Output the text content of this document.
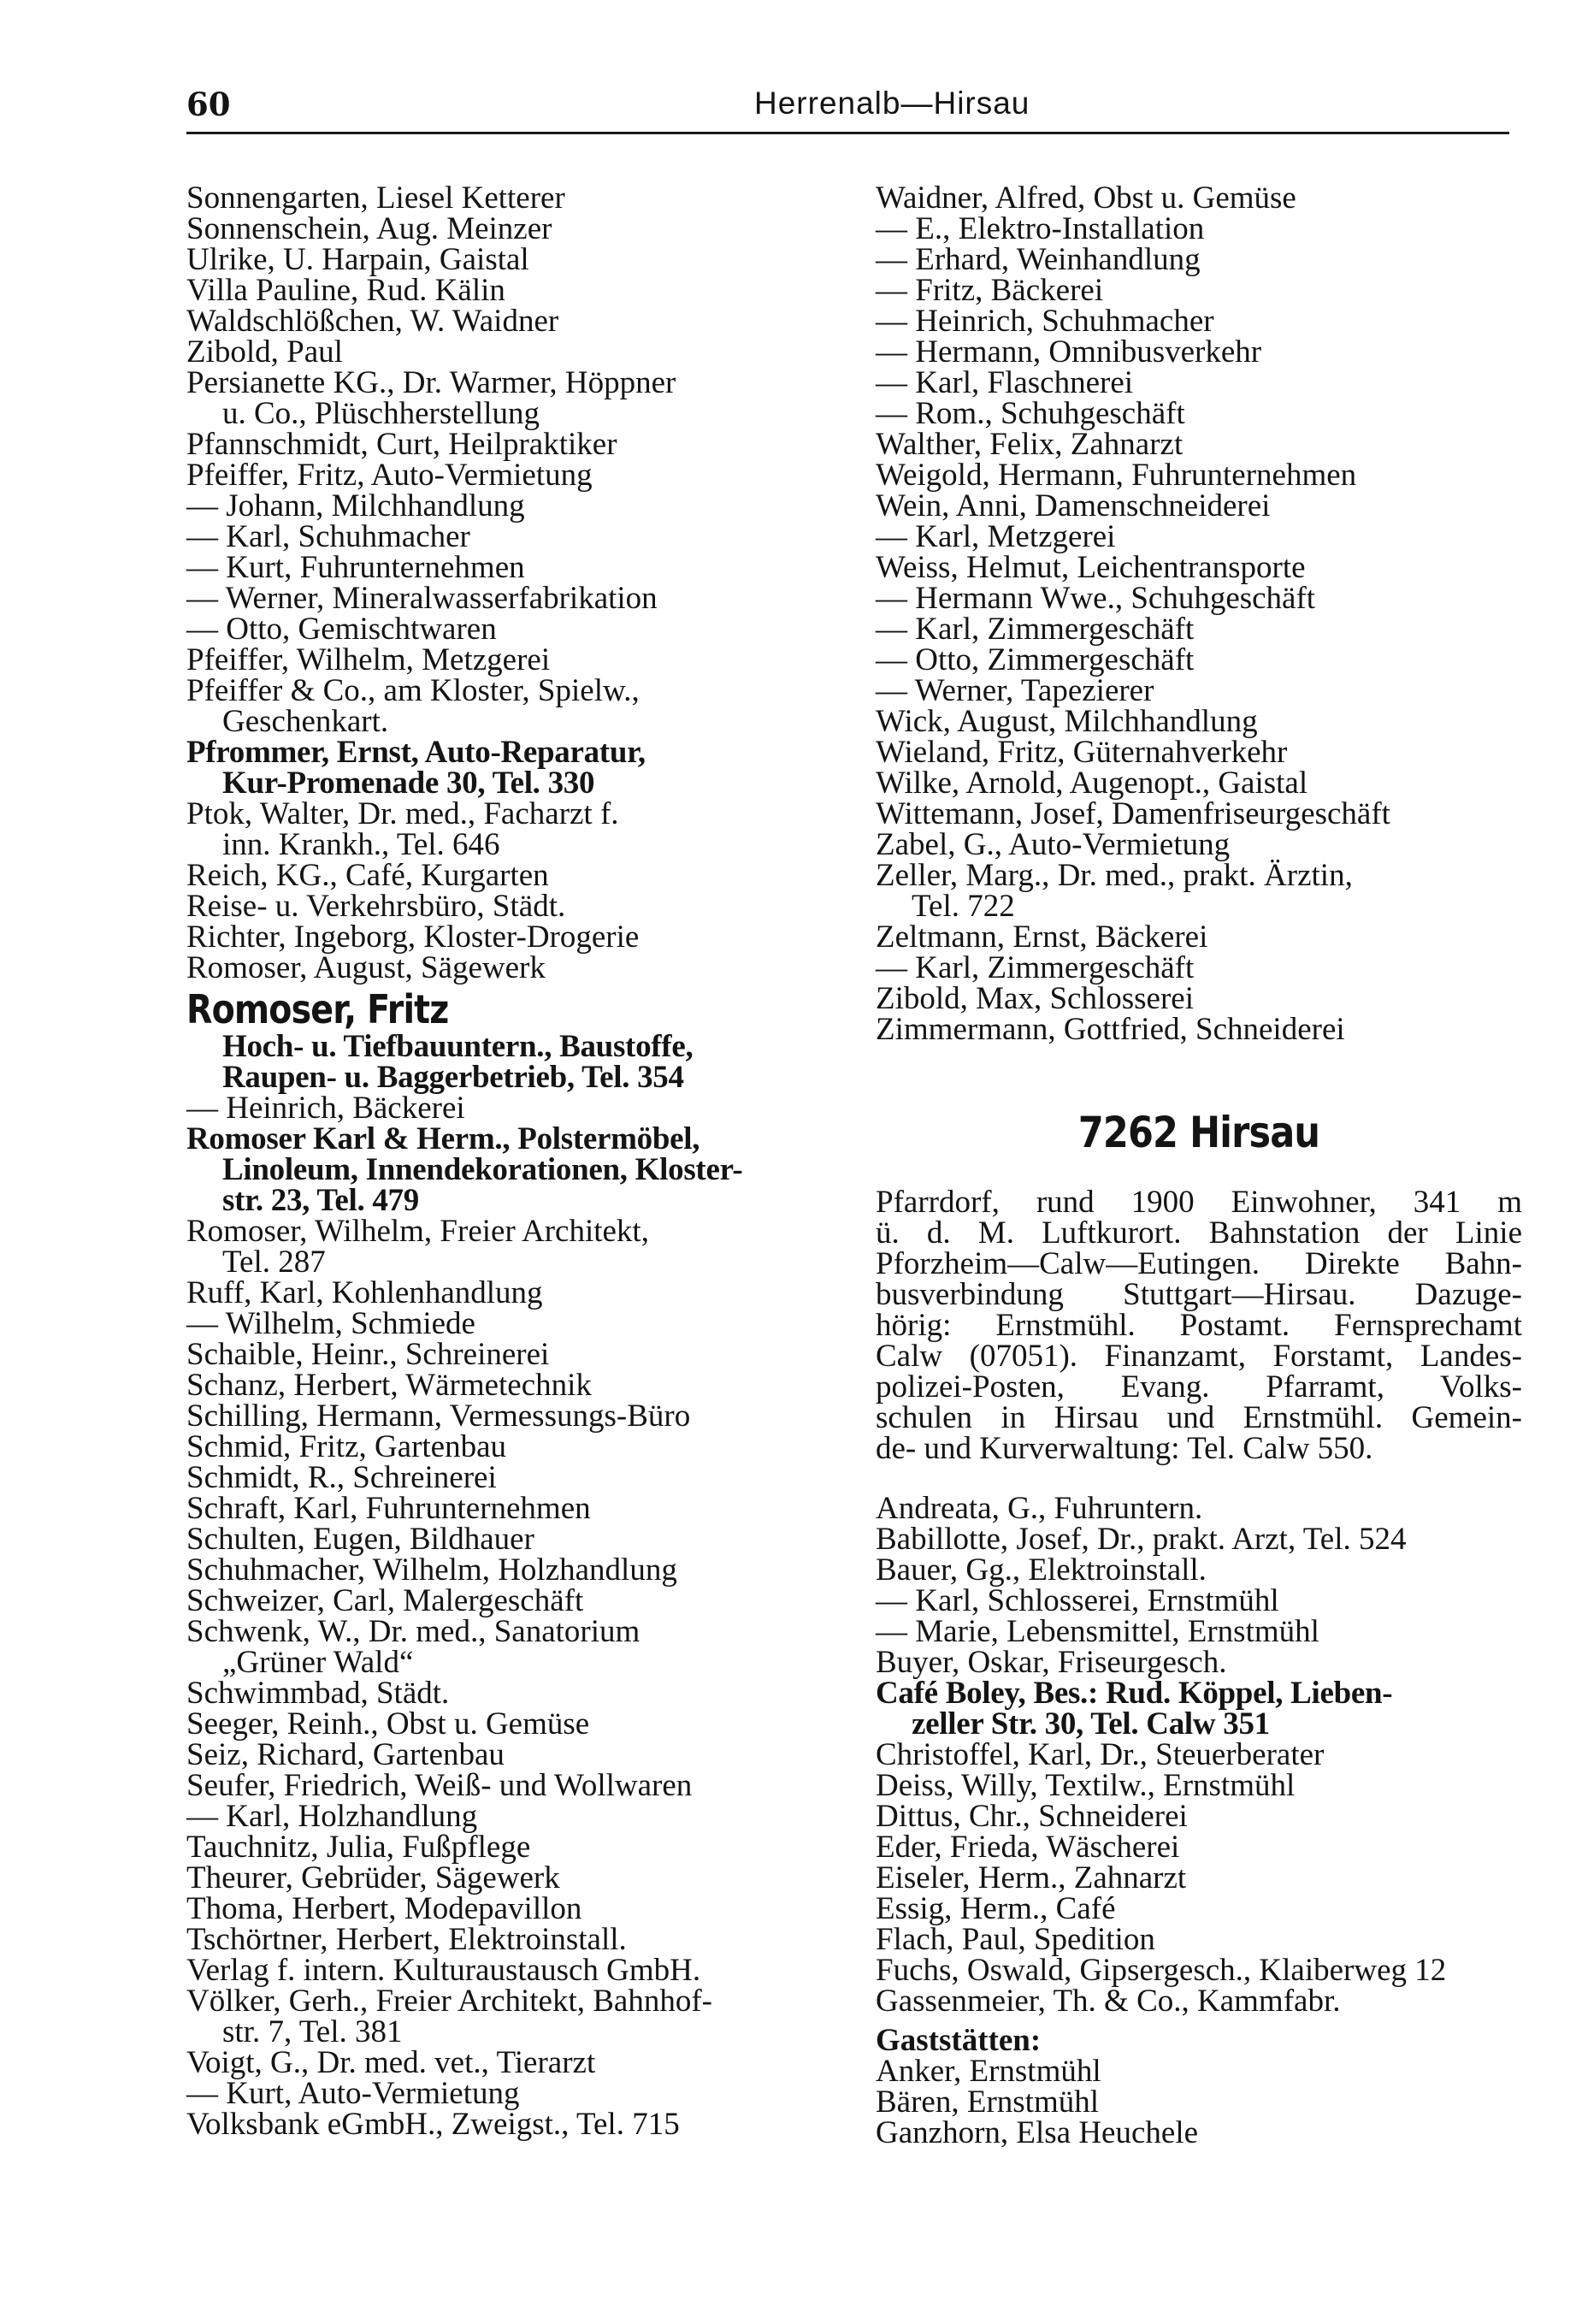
60	Herrenalb—Hirsau
Sonnengarten, Liesel Ketterer
Sonnenschein, Aug. Meinzer
Ulrike, U. Harpain, Gaistal
Villa Pauline, Rud. Kälin
Waldschlößchen, W. Waidner
Zibold, Paul
Persianette KG., Dr. Warmer, Höppner
u. Co., Plüschherstellung
Pfannschmidt, Curt, Heilpraktiker
Pfeiffer, Fritz, Auto-Vermietung
— Johann, Milchhandlung
— Karl, Schuhmacher
— Kurt, Fuhrunternehmen
— Werner, Mineralwasserfabrikation
— Otto, Gemischtwaren
Pfeiffer, Wilhelm, Metzgerei
Pfeiffer & Co., am Kloster, Spielw.,
Geschenkart.
Pfrommer, Ernst, Auto-Reparatur,
Kur-Promenade 30, Tel. 330
Ptok, Walter, Dr. med., Facharzt f.
inn. Krankh., Tel. 646
Reich, KG., Café, Kurgarten
Reise- u. Verkehrsbüro, Städt.
Richter, Ingeborg, Kloster-Drogerie
Romoser, August, Sägewerk
Romoser, Fritz
Hoch- u. Tiefbauuntern., Baustoffe,
Raupen- u. Baggerbetrieb, Tel. 354
— Heinrich, Bäckerei
Romoser Karl & Herm., Polstermöbel,
Linoleum, Innendekorationen, Kloster-
str. 23, Tel. 479
Romoser, Wilhelm, Freier Architekt,
Tel. 287
Ruff, Karl, Kohlenhandlung
— Wilhelm, Schmiede
Schaible, Heinr., Schreinerei
Schanz, Herbert, Wärmetechnik
Schilling, Hermann, Vermessungs-Büro
Schmid, Fritz, Gartenbau
Schmidt, R., Schreinerei
Schraft, Karl, Fuhrunternehmen
Schulten, Eugen, Bildhauer
Schuhmacher, Wilhelm, Holzhandlung
Schweizer, Carl, Malergeschäft
Schwenk, W., Dr. med., Sanatorium
„Grüner Wald“
Schwimmbad, Städt.
Seeger, Reinh., Obst u. Gemüse
Seiz, Richard, Gartenbau
Seufer, Friedrich, Weiß- und Wollwaren
— Karl, Holzhandlung
Tauchnitz, Julia, Fußpflege
Theurer, Gebrüder, Sägewerk
Thoma, Herbert, Modepavillon
Tschörtner, Herbert, Elektroinstall.
Verlag f. intern. Kulturaustausch GmbH.
Völker, Gerh., Freier Architekt, Bahnhof-
str. 7, Tel. 381
Voigt, G., Dr. med. vet., Tierarzt
— Kurt, Auto-Vermietung
Volksbank eGmbH., Zweigst., Tel. 715
Waidner, Alfred, Obst u. Gemüse
— E., Elektro-Installation
— Erhard, Weinhandlung
— Fritz, Bäckerei
— Heinrich, Schuhmacher
— Hermann, Omnibusverkehr
— Karl, Flaschnerei
— Rom., Schuhgeschäft
Walther, Felix, Zahnarzt
Weigold, Hermann, Fuhrunternehmen
Wein, Anni, Damenschneiderei
— Karl, Metzgerei
Weiss, Helmut, Leichentransporte
— Hermann Wwe., Schuhgeschäft
— Karl, Zimmergeschäft
— Otto, Zimmergeschäft
— Werner, Tapezierer
Wick, August, Milchhandlung
Wieland, Fritz, Güternahverkehr
Wilke, Arnold, Augenopt., Gaistal
Wittemann, Josef, Damenfriseurgeschäft
Zabel, G., Auto-Vermietung
Zeller, Marg., Dr. med., prakt. Ärztin,
Tel. 722
Zeltmann, Ernst, Bäckerei
— Karl, Zimmergeschäft
Zibold, Max, Schlosserei
Zimmermann, Gottfried, Schneiderei
7262 Hirsau
Pfarrdorf, rund 1900 Einwohner, 341 m
ü. d. M. Luftkurort. Bahnstation der Linie
Pforzheim—Calw—Eutingen. Direkte Bahn-
busverbindung Stuttgart—Hirsau. Dazuge-
hörig: Ernstmühl. Postamt. Fernsprechamt
Calw (07051). Finanzamt, Forstamt, Landes-
polizei-Posten, Evang. Pfarramt, Volks-
schulen in Hirsau und Ernstmühl. Gemein-
de- und Kurverwaltung: Tel. Calw 550.
Andreata, G., Fuhruntern.
Babillotte, Josef, Dr., prakt. Arzt, Tel. 524
Bauer, Gg., Elektroinstall.
— Karl, Schlosserei, Ernstmühl
— Marie, Lebensmittel, Ernstmühl
Buyer, Oskar, Friseurgesch.
Café Boley, Bes.: Rud. Köppel, Lieben-
zeller Str. 30, Tel. Calw 351
Christoffel, Karl, Dr., Steuerberater
Deiss, Willy, Textilw., Ernstmühl
Dittus, Chr., Schneiderei
Eder, Frieda, Wäscherei
Eiseler, Herm., Zahnarzt
Essig, Herm., Café
Flach, Paul, Spedition
Fuchs, Oswald, Gipsergesch., Klaiberweg 12
Gassenmeier, Th. & Co., Kammfabr.
Gaststätten:
Anker, Ernstmühl
Bären, Ernstmühl
Ganzhorn, Elsa Heuchele
